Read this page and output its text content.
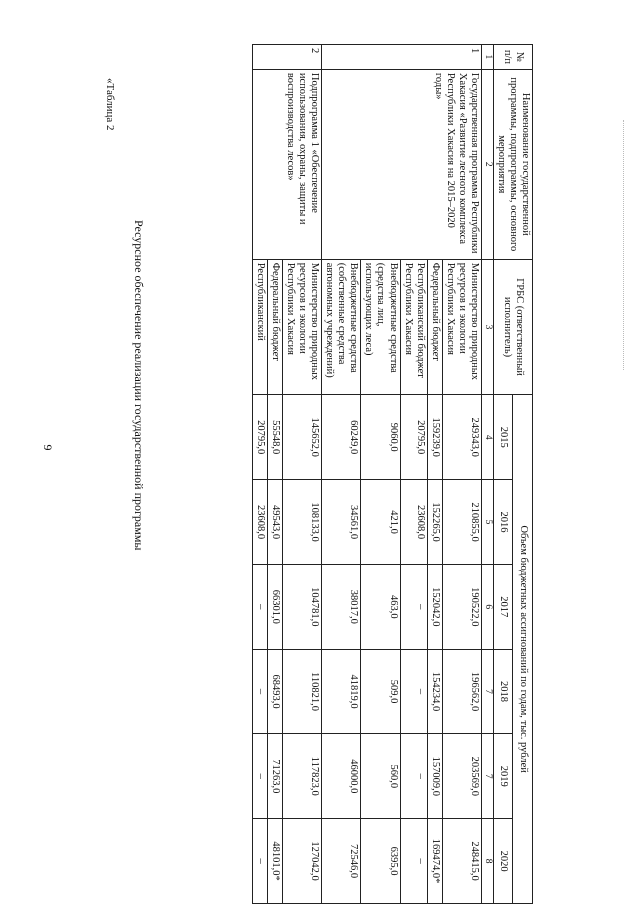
9
«Таблица 2
Ресурсное обеспечение реализации государственной программы
№ п/п	Наименование государственной программы, подпрограммы, основного мероприятия	ГРБС (ответственный исполнитель)	Объем бюджетных ассигнований по годам, тыс. рублей					
			2015	2016	2017	2018	2019	2020
1	2	3	4	5	6	7	7	8
1	Государственная программа Республики Хакасия «Развитие лесного комплекса Республики Хакасия на 2015–2020 годы»	Министерство природных ресурсов и экологии Республики Хакасия	249343,0	210855,0	190522,0	196562,0	203569,0	248415,0
		Федеральный бюджет	159239,0	152265,0	152042,0	154234,0	157009,0	169474,0*
		Республиканский бюджет Республики Хакасия	20795,0	23608,0	–	–	–	–
		Внебюджетные средства (средства лиц, использующих леса)	9060,0	421,0	463,0	509,0	560,0	6395,0
		Внебюджетные средства (собственные средства автономных учреждений)	60249,0	34561,0	38017,0	41819,0	46000,0	72546,0
2	Подпрограмма 1 «Обеспечение использования, охраны, защиты и воспроизводства лесов»	Министерство природных ресурсов и экологии Республики Хакасия	145652,0	108133,0	104781,0	110821,0	117823,0	127042,0
		Федеральный бюджет	55548,0	49543,0	66301,0	68493,0	71263,0	48101,0*
		Республиканский	20795,0	23608,0	–	–	–	–
